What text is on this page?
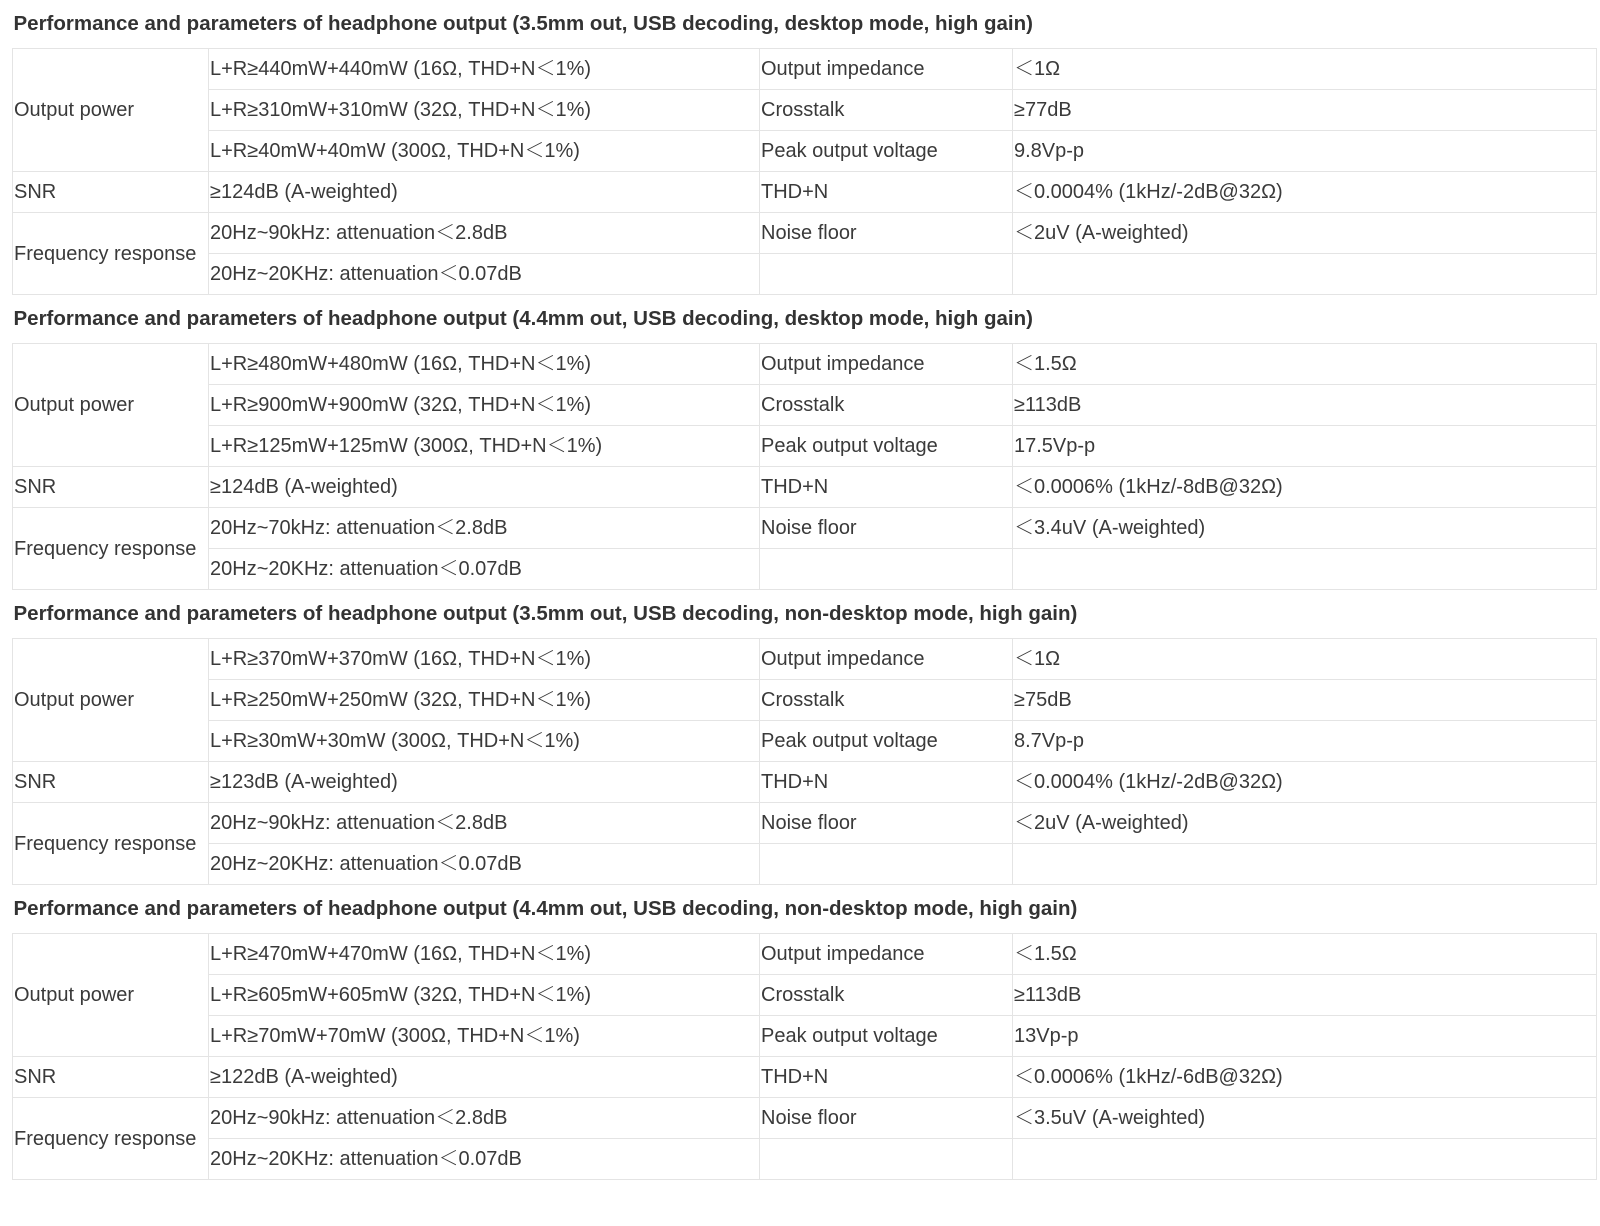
Performance and parameters of headphone output (3.5mm out, USB decoding, desktop mode, high gain)			
Output power	L+R≥440mW+440mW (16Ω, THD+N＜1%)	Output impedance	＜1Ω
	L+R≥310mW+310mW (32Ω, THD+N＜1%)	Crosstalk	≥77dB
	L+R≥40mW+40mW (300Ω, THD+N＜1%)	Peak output voltage	9.8Vp-p
SNR	≥124dB (A-weighted)	THD+N	＜0.0004% (1kHz/-2dB@32Ω)
Frequency response	20Hz~90kHz: attenuation＜2.8dB	Noise floor	＜2uV (A-weighted)
	20Hz~20KHz: attenuation＜0.07dB		
Performance and parameters of headphone output (4.4mm out, USB decoding, desktop mode, high gain)			
Output power	L+R≥480mW+480mW (16Ω, THD+N＜1%)	Output impedance	＜1.5Ω
	L+R≥900mW+900mW (32Ω, THD+N＜1%)	Crosstalk	≥113dB
	L+R≥125mW+125mW (300Ω, THD+N＜1%)	Peak output voltage	17.5Vp-p
SNR	≥124dB (A-weighted)	THD+N	＜0.0006% (1kHz/-8dB@32Ω)
Frequency response	20Hz~70kHz: attenuation＜2.8dB	Noise floor	＜3.4uV (A-weighted)
	20Hz~20KHz: attenuation＜0.07dB		
Performance and parameters of headphone output (3.5mm out, USB decoding, non-desktop mode, high gain)			
Output power	L+R≥370mW+370mW (16Ω, THD+N＜1%)	Output impedance	＜1Ω
	L+R≥250mW+250mW (32Ω, THD+N＜1%)	Crosstalk	≥75dB
	L+R≥30mW+30mW (300Ω, THD+N＜1%)	Peak output voltage	8.7Vp-p
SNR	≥123dB (A-weighted)	THD+N	＜0.0004% (1kHz/-2dB@32Ω)
Frequency response	20Hz~90kHz: attenuation＜2.8dB	Noise floor	＜2uV (A-weighted)
	20Hz~20KHz: attenuation＜0.07dB		
Performance and parameters of headphone output (4.4mm out, USB decoding, non-desktop mode, high gain)			
Output power	L+R≥470mW+470mW (16Ω, THD+N＜1%)	Output impedance	＜1.5Ω
	L+R≥605mW+605mW (32Ω, THD+N＜1%)	Crosstalk	≥113dB
	L+R≥70mW+70mW (300Ω, THD+N＜1%)	Peak output voltage	13Vp-p
SNR	≥122dB (A-weighted)	THD+N	＜0.0006% (1kHz/-6dB@32Ω)
Frequency response	20Hz~90kHz: attenuation＜2.8dB	Noise floor	＜3.5uV (A-weighted)
	20Hz~20KHz: attenuation＜0.07dB		
